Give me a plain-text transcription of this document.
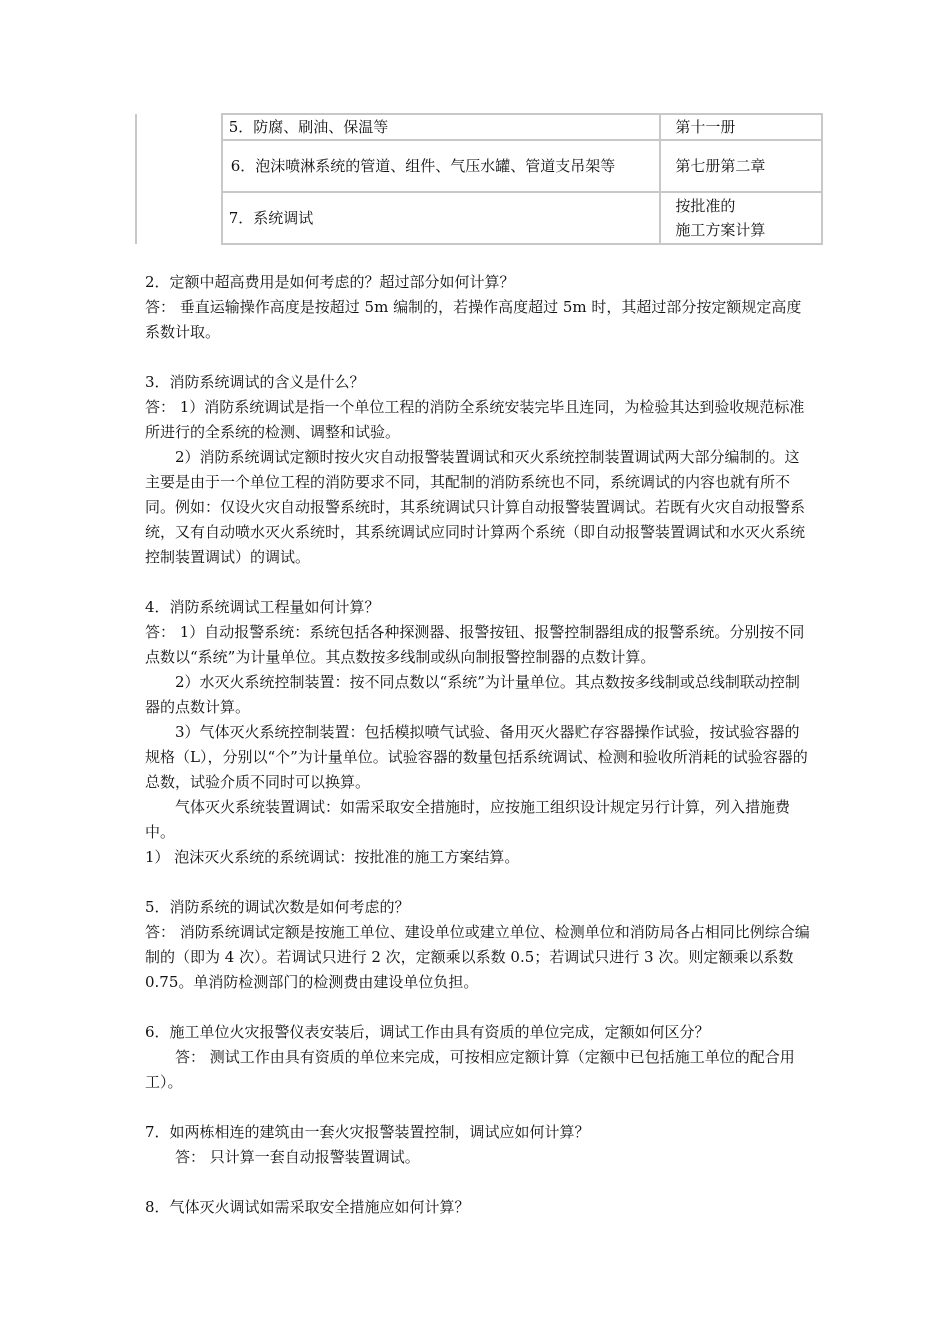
	5．防腐、刷油、保温等	第十一册
	6．泡沫喷淋系统的管道、组件、气压水罐、管道支吊架等	第七册第二章
	7．系统调试	按批准的
施工方案计算

2．定额中超高费用是如何考虑的？超过部分如何计算？

答： 垂直运输操作高度是按超过 5m 编制的，若操作高度超过 5m 时，其超过部分按定额规定高度系数计取。

3．消防系统调试的含义是什么？

答： 1）消防系统调试是指一个单位工程的消防全系统安装完毕且连同，为检验其达到验收规范标准所进行的全系统的检测、调整和试验。

2）消防系统调试定额时按火灾自动报警装置调试和灭火系统控制装置调试两大部分编制的。这主要是由于一个单位工程的消防要求不同，其配制的消防系统也不同，系统调试的内容也就有所不同。例如：仅设火灾自动报警系统时，其系统调试只计算自动报警装置调试。若既有火灾自动报警系统，又有自动喷水灭火系统时，其系统调试应同时计算两个系统（即自动报警装置调试和水灭火系统控制装置调试）的调试。

4．消防系统调试工程量如何计算？

答： 1）自动报警系统：系统包括各种探测器、报警按钮、报警控制器组成的报警系统。分别按不同点数以“系统”为计量单位。其点数按多线制或纵向制报警控制器的点数计算。

2）水灭火系统控制装置：按不同点数以“系统”为计量单位。其点数按多线制或总线制联动控制器的点数计算。

3）气体灭火系统控制装置：包括模拟喷气试验、备用灭火器贮存容器操作试验，按试验容器的规格（L），分别以“个”为计量单位。试验容器的数量包括系统调试、检测和验收所消耗的试验容器的总数，试验介质不同时可以换算。

气体灭火系统装置调试：如需采取安全措施时，应按施工组织设计规定另行计算，列入措施费中。

1） 泡沫灭火系统的系统调试：按批准的施工方案结算。

5．消防系统的调试次数是如何考虑的？

答： 消防系统调试定额是按施工单位、建设单位或建立单位、检测单位和消防局各占相同比例综合编制的（即为 4 次）。若调试只进行 2 次，定额乘以系数 0.5；若调试只进行 3 次。则定额乘以系数 0.75。单消防检测部门的检测费由建设单位负担。

6．施工单位火灾报警仪表安装后，调试工作由具有资质的单位完成，定额如何区分？

答： 测试工作由具有资质的单位来完成，可按相应定额计算（定额中已包括施工单位的配合用工）。

7．如两栋相连的建筑由一套火灾报警装置控制，调试应如何计算？

答： 只计算一套自动报警装置调试。

8．气体灭火调试如需采取安全措施应如何计算？
